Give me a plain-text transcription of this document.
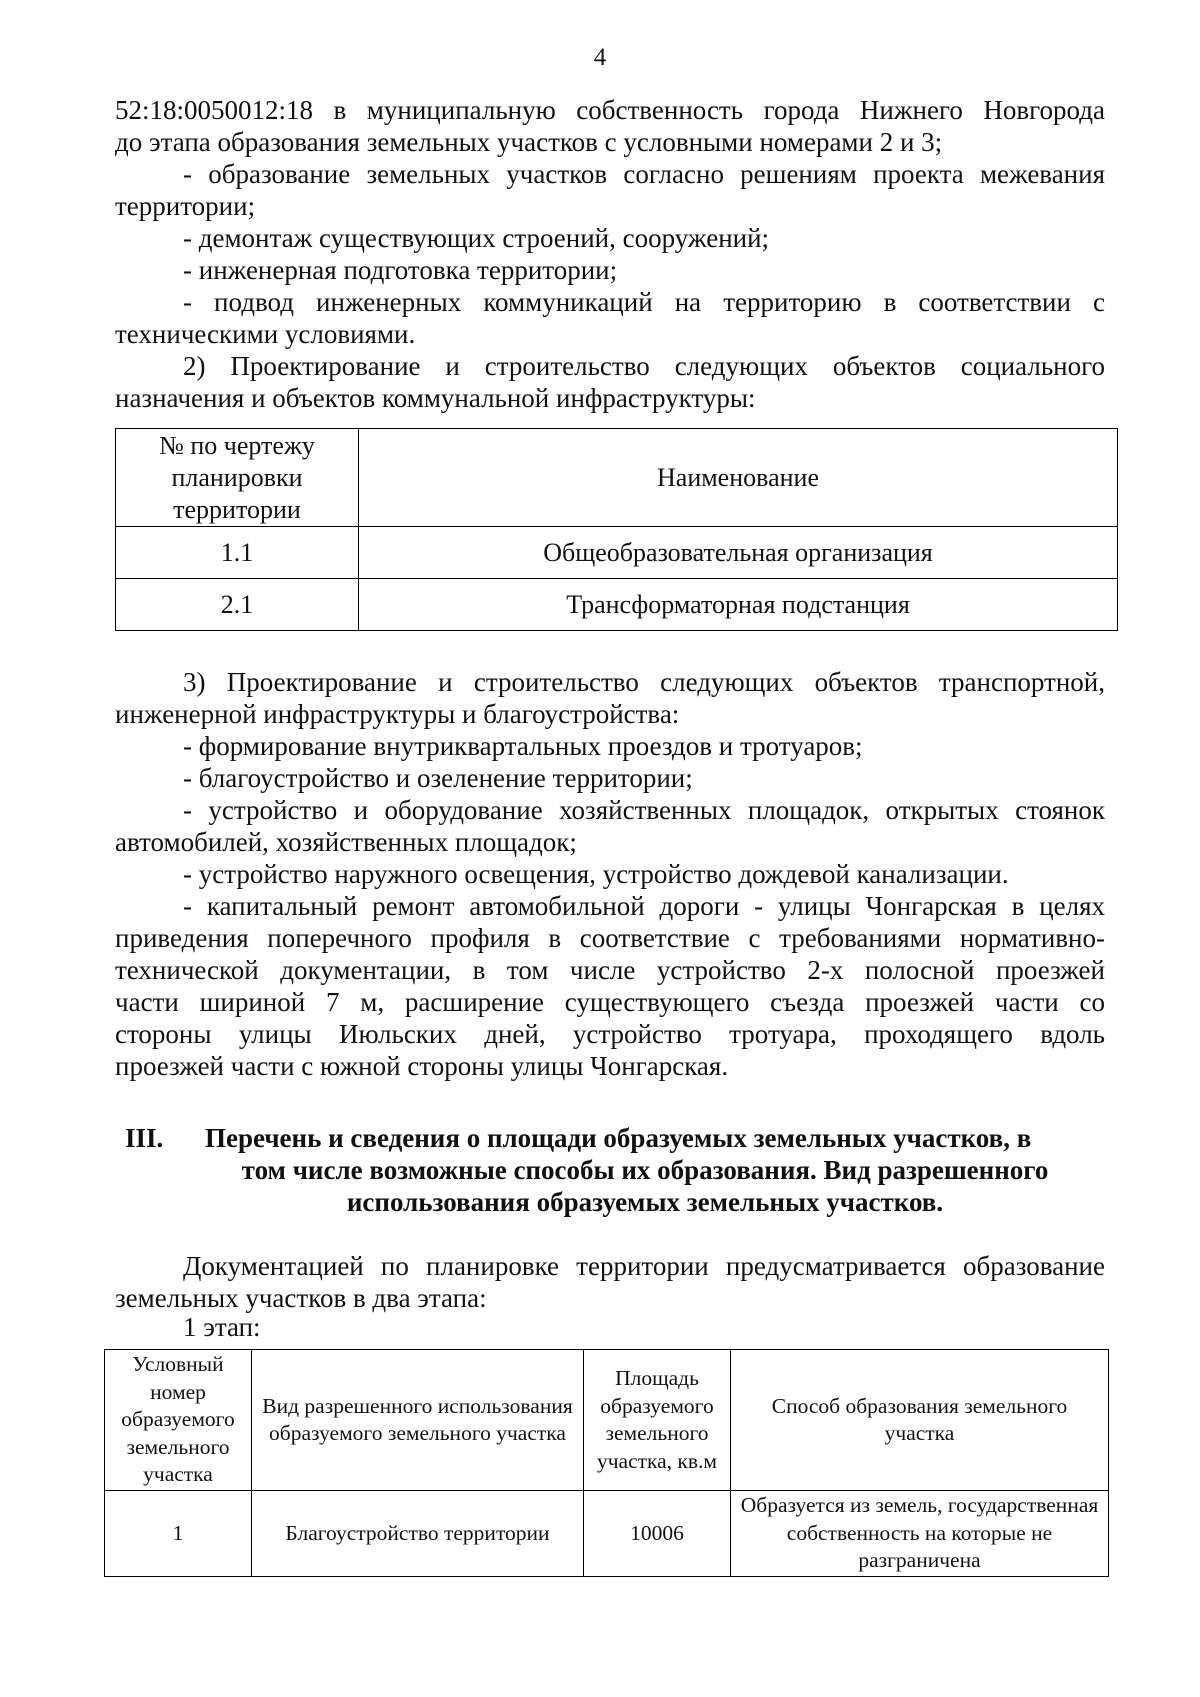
4
52:18:0050012:18 в муниципальную собственность города Нижнего Новгорода
до этапа образования земельных участков с условными номерами 2 и 3;
- образование земельных участков согласно решениям проекта межевания
территории;
- демонтаж существующих строений, сооружений;
- инженерная подготовка территории;
- подвод инженерных коммуникаций на территорию в соответствии с
техническими условиями.
2) Проектирование и строительство следующих объектов социального
назначения и объектов коммунальной инфраструктуры:
№ по чертежу планировки территории	Наименование
1.1	Общеобразовательная организация
2.1	Трансформаторная подстанция
3) Проектирование и строительство следующих объектов транспортной,
инженерной инфраструктуры и благоустройства:
- формирование внутриквартальных проездов и тротуаров;
- благоустройство и озеленение территории;
- устройство и оборудование хозяйственных площадок, открытых стоянок
автомобилей, хозяйственных площадок;
- устройство наружного освещения, устройство дождевой канализации.
- капитальный ремонт автомобильной дороги - улицы Чонгарская в целях
приведения поперечного профиля в соответствие с требованиями нормативно-
технической документации, в том числе устройство 2-х полосной проезжей
части шириной 7 м, расширение существующего съезда проезжей части со
стороны улицы Июльских дней, устройство тротуара, проходящего вдоль
проезжей части с южной стороны улицы Чонгарская.
III. Перечень и сведения о площади образуемых земельных участков, в
том числе возможные способы их образования. Вид разрешенного
использования образуемых земельных участков.
Документацией по планировке территории предусматривается образование
земельных участков в два этапа:
1 этап:
Условный номер образуемого земельного участка	Вид разрешенного использования образуемого земельного участка	Площадь образуемого земельного участка, кв.м	Способ образования земельного участка
1	Благоустройство территории	10006	Образуется из земель, государственная собственность на которые не разграничена
